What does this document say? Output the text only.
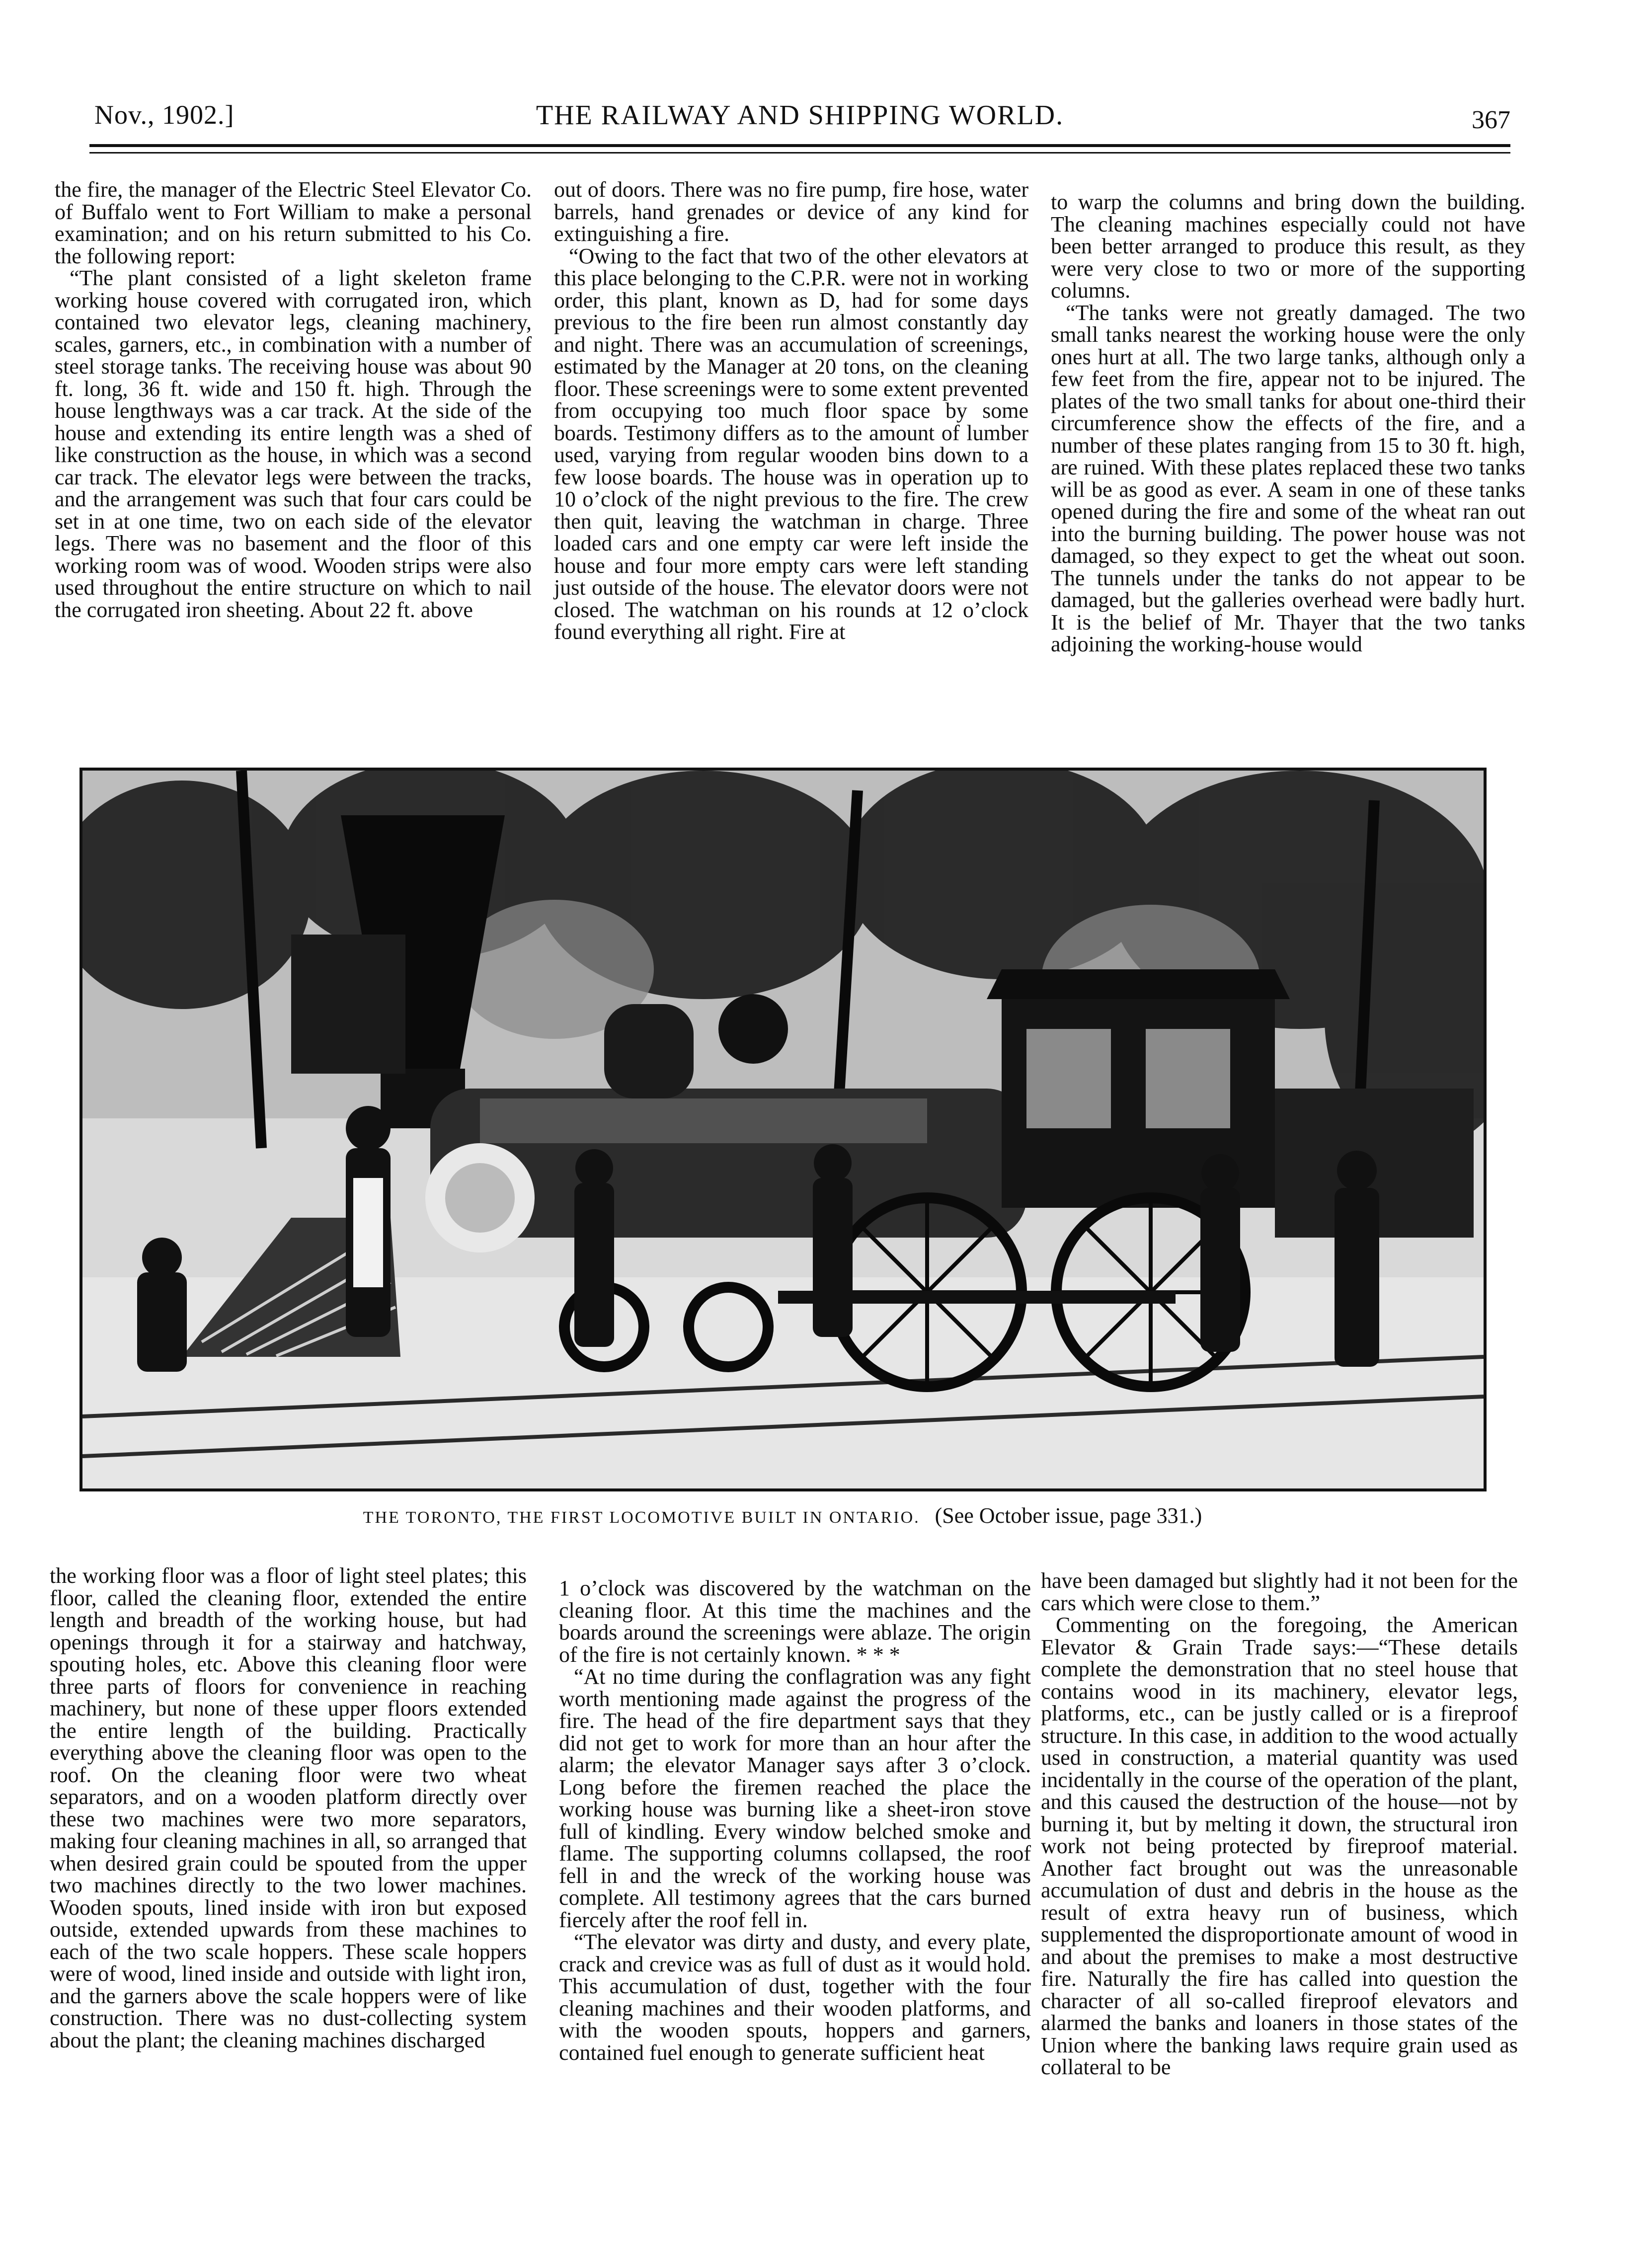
Nov., 1902.]	THE RAILWAY AND SHIPPING WORLD.	367

the fire, the manager of the Electric Steel Elevator Co. of Buffalo went to Fort William to make a personal examination; and on his return submitted to his Co. the following report:

“The plant consisted of a light skeleton frame working house covered with corrugated iron, which contained two elevator legs, cleaning machinery, scales, garners, etc., in combination with a number of steel storage tanks. The receiving house was about 90 ft. long, 36 ft. wide and 150 ft. high. Through the house lengthways was a car track. At the side of the house and extending its entire length was a shed of like construction as the house, in which was a second car track. The elevator legs were between the tracks, and the arrangement was such that four cars could be set in at one time, two on each side of the elevator legs. There was no basement and the floor of this working room was of wood. Wooden strips were also used throughout the entire structure on which to nail the corrugated iron sheeting. About 22 ft. above

out of doors. There was no fire pump, fire hose, water barrels, hand grenades or device of any kind for extinguishing a fire.

“Owing to the fact that two of the other elevators at this place belonging to the C.P.R. were not in working order, this plant, known as D, had for some days previous to the fire been run almost constantly day and night. There was an accumulation of screenings, estimated by the Manager at 20 tons, on the cleaning floor. These screenings were to some extent prevented from occupying too much floor space by some boards. Testimony differs as to the amount of lumber used, varying from regular wooden bins down to a few loose boards. The house was in operation up to 10 o’clock of the night previous to the fire. The crew then quit, leaving the watchman in charge. Three loaded cars and one empty car were left inside the house and four more empty cars were left standing just outside of the house. The elevator doors were not closed. The watchman on his rounds at 12 o’clock found everything all right. Fire at

to warp the columns and bring down the building. The cleaning machines especially could not have been better arranged to produce this result, as they were very close to two or more of the supporting columns.

“The tanks were not greatly damaged. The two small tanks nearest the working house were the only ones hurt at all. The two large tanks, although only a few feet from the fire, appear not to be injured. The plates of the two small tanks for about one-third their circumference show the effects of the fire, and a number of these plates ranging from 15 to 30 ft. high, are ruined. With these plates replaced these two tanks will be as good as ever. A seam in one of these tanks opened during the fire and some of the wheat ran out into the burning building. The power house was not damaged, so they expect to get the wheat out soon. The tunnels under the tanks do not appear to be damaged, but the galleries overhead were badly hurt. It is the belief of Mr. Thayer that the two tanks adjoining the working-house would

THE TORONTO, THE FIRST LOCOMOTIVE BUILT IN ONTARIO. (See October issue, page 331.)

the working floor was a floor of light steel plates; this floor, called the cleaning floor, extended the entire length and breadth of the working house, but had openings through it for a stairway and hatchway, spouting holes, etc. Above this cleaning floor were three parts of floors for convenience in reaching machinery, but none of these upper floors extended the entire length of the building. Practically everything above the cleaning floor was open to the roof. On the cleaning floor were two wheat separators, and on a wooden platform directly over these two machines were two more separators, making four cleaning machines in all, so arranged that when desired grain could be spouted from the upper two machines directly to the two lower machines. Wooden spouts, lined inside with iron but exposed outside, extended upwards from these machines to each of the two scale hoppers. These scale hoppers were of wood, lined inside and outside with light iron, and the garners above the scale hoppers were of like construction. There was no dust-collecting system about the plant; the cleaning machines discharged

1 o’clock was discovered by the watchman on the cleaning floor. At this time the machines and the boards around the screenings were ablaze. The origin of the fire is not certainly known. * * *

“At no time during the conflagration was any fight worth mentioning made against the progress of the fire. The head of the fire department says that they did not get to work for more than an hour after the alarm; the elevator Manager says after 3 o’clock. Long before the firemen reached the place the working house was burning like a sheet-iron stove full of kindling. Every window belched smoke and flame. The supporting columns collapsed, the roof fell in and the wreck of the working house was complete. All testimony agrees that the cars burned fiercely after the roof fell in.

“The elevator was dirty and dusty, and every plate, crack and crevice was as full of dust as it would hold. This accumulation of dust, together with the four cleaning machines and their wooden platforms, and with the wooden spouts, hoppers and garners, contained fuel enough to generate sufficient heat

have been damaged but slightly had it not been for the cars which were close to them.”

Commenting on the foregoing, the American Elevator & Grain Trade says:—“These details complete the demonstration that no steel house that contains wood in its machinery, elevator legs, platforms, etc., can be justly called or is a fireproof structure. In this case, in addition to the wood actually used in construction, a material quantity was used incidentally in the course of the operation of the plant, and this caused the destruction of the house—not by burning it, but by melting it down, the structural iron work not being protected by fireproof material. Another fact brought out was the unreasonable accumulation of dust and debris in the house as the result of extra heavy run of business, which supplemented the disproportionate amount of wood in and about the premises to make a most destructive fire. Naturally the fire has called into question the character of all so-called fireproof elevators and alarmed the banks and loaners in those states of the Union where the banking laws require grain used as collateral to be
